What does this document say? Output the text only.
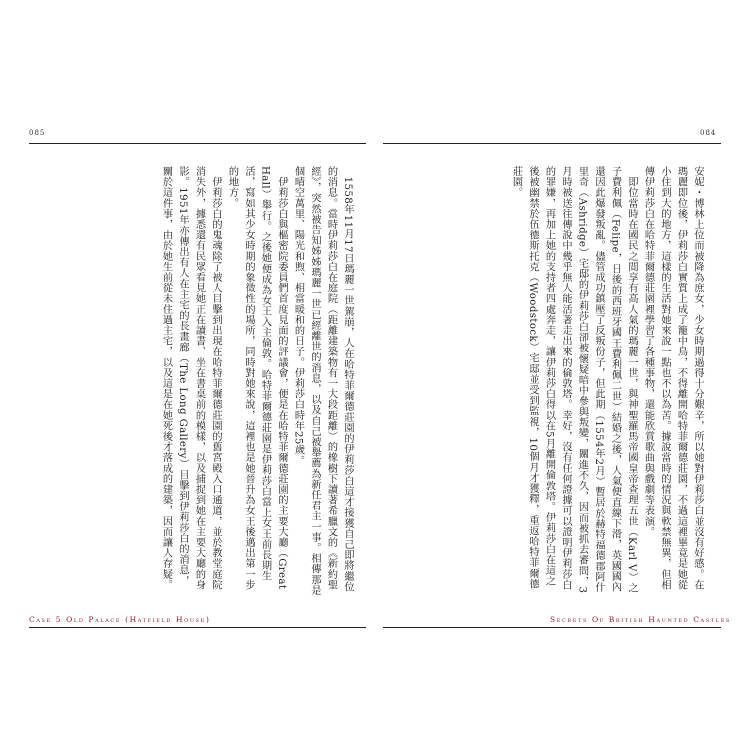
085	084
安妮・博林上位而被降為庶女，少女時期過得十分艱辛，所以她對伊莉莎白並沒有好感。在瑪麗即位後，伊莉莎白實質上成了籠中鳥，不得離開哈特菲爾德莊園，不過這裡畢竟是她從小住到大的地方，這樣的生活對她來說一點也不以為苦。據說當時的情況與軟禁無異，但相傳伊莉莎白在哈特菲爾德莊園裡學習了各種事物，還能欣賞歌曲與戲劇等表演。
　即位當時在國民之間享有高人氣的瑪麗一世，與神聖羅馬帝國皇帝查理五世（Karl V）之子費利佩（Felipe，日後的西班牙國王費利佩二世）結婚之後，人氣便直線下滑，英國國內還因此爆發叛亂。儘管成功鎮壓了反叛份子，但此期（1554年2月）暫居於赫特福德郡阿什里奇（Ashridge）宅邸的伊莉莎白卻被懷疑暗中參與叛變，關進不久，因而被抓去審問，3月時被送往傳說中幾乎無人能活著走出來的倫敦塔。幸好，沒有任何證據可以證明伊莉莎白的罪嫌，再加上她的支持者四處奔走，讓伊莉莎白得以在5月離開倫敦塔。伊莉莎白在這之後被幽禁於伍德斯托克（Woodstock）宅邸並受到監視，10個月才獲釋，重返哈特菲爾德莊園。
　1558年11月17日瑪麗一世駕崩，人在哈特菲爾德莊園的伊莉莎白這才接獲自己即將繼位的消息。當時伊莉莎白在庭院（距離建築物有一大段距離）的橡樹下讀著希臘文的《新約聖經》，突然被告知姊姊瑪麗一世已經離世的消息，以及自己被舉薦為新任君主一事。相傳那是個晴空萬里、陽光和煦、相當暖和的日子。伊莉莎白時年25歲。
　伊莉莎白與樞密院委員們首度見面的評議會，便是在哈特菲爾德莊園的主要大廳（Great Hall）舉行。之後她便成為女王入主倫敦。哈特菲爾德莊園是伊莉莎白當上女王前長期生活，寫如其少女時期的象徵性的場所，同時對她來說，這裡也是她晉升為女王後邁出第一步的地方。
　伊莉莎白的鬼魂除了被人目擊到出現在哈特菲爾德莊園的舊宮殿入口通道，並於教堂庭院消失外，據悉還有民眾看見她正在讀書、坐在書桌前的模樣，以及捕捉到她在主要大廳的身影。1951年亦傳出有人在主宅的長畫廊（The Long Gallery）目擊到伊莉莎白的消息，關於這件事，由於她生前從未住過主宅，以及這是在她死後才落成的建築，因而讓人存疑。
Case 5 Old Palace (Hatfield House)	Secrets Of British Haunted Castles
